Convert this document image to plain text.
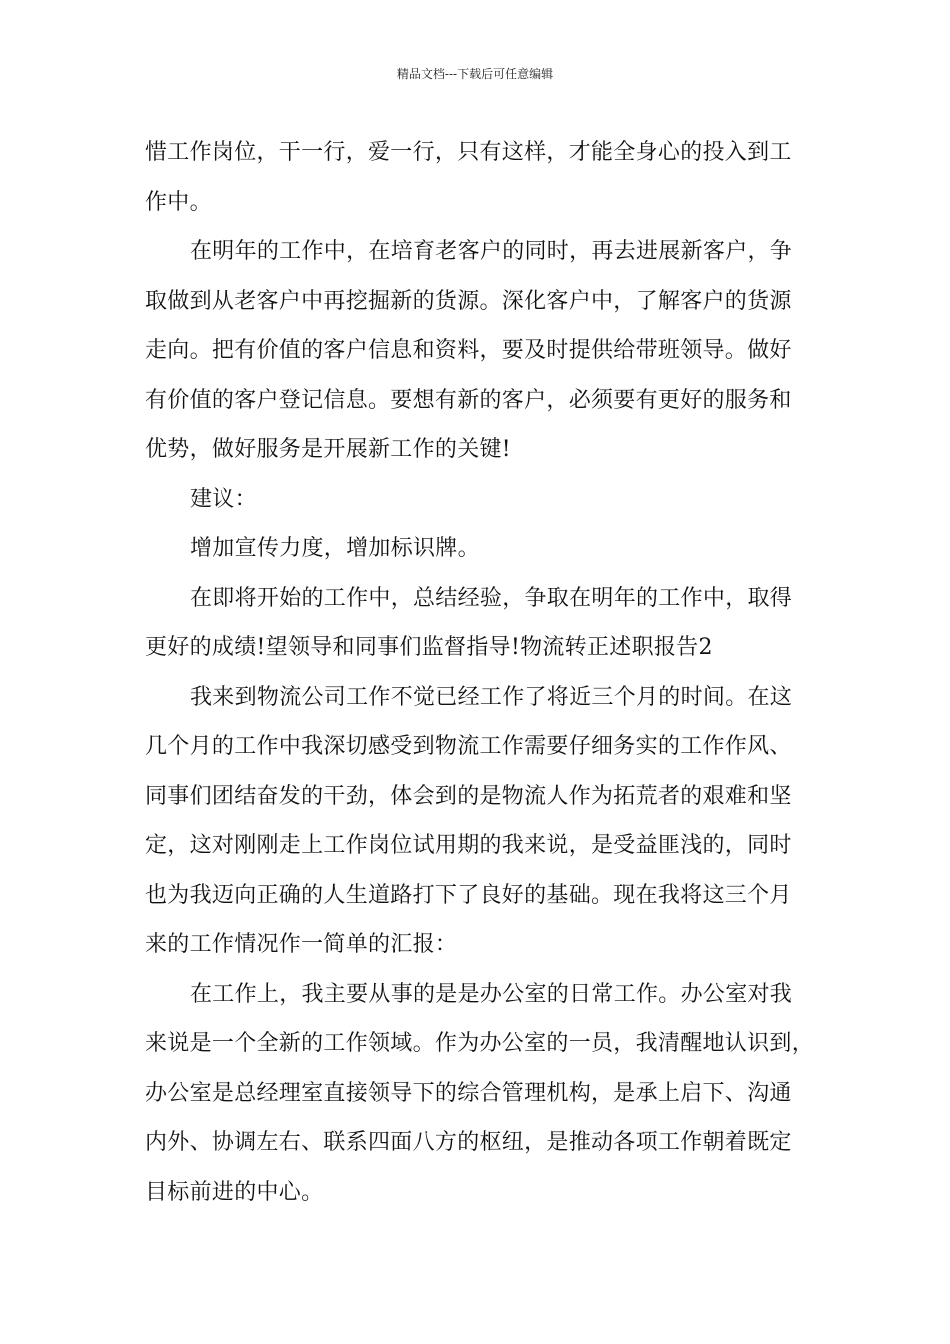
精品文档---下载后可任意编辑
惜工作岗位，干一行，爱一行，只有这样，才能全身心的投入到工
作中。
在明年的工作中，在培育老客户的同时，再去进展新客户，争
取做到从老客户中再挖掘新的货源。深化客户中，了解客户的货源
走向。把有价值的客户信息和资料，要及时提供给带班领导。做好
有价值的客户登记信息。要想有新的客户，必须要有更好的服务和
优势，做好服务是开展新工作的关键!
建议：
增加宣传力度，增加标识牌。
在即将开始的工作中，总结经验，争取在明年的工作中，取得
更好的成绩!望领导和同事们监督指导!物流转正述职报告2
我来到物流公司工作不觉已经工作了将近三个月的时间。在这
几个月的工作中我深切感受到物流工作需要仔细务实的工作作风、
同事们团结奋发的干劲，体会到的是物流人作为拓荒者的艰难和坚
定，这对刚刚走上工作岗位试用期的我来说，是受益匪浅的，同时
也为我迈向正确的人生道路打下了良好的基础。现在我将这三个月
来的工作情况作一简单的汇报：
在工作上，我主要从事的是是办公室的日常工作。办公室对我
来说是一个全新的工作领域。作为办公室的一员，我清醒地认识到，
办公室是总经理室直接领导下的综合管理机构，是承上启下、沟通
内外、协调左右、联系四面八方的枢纽，是推动各项工作朝着既定
目标前进的中心。
